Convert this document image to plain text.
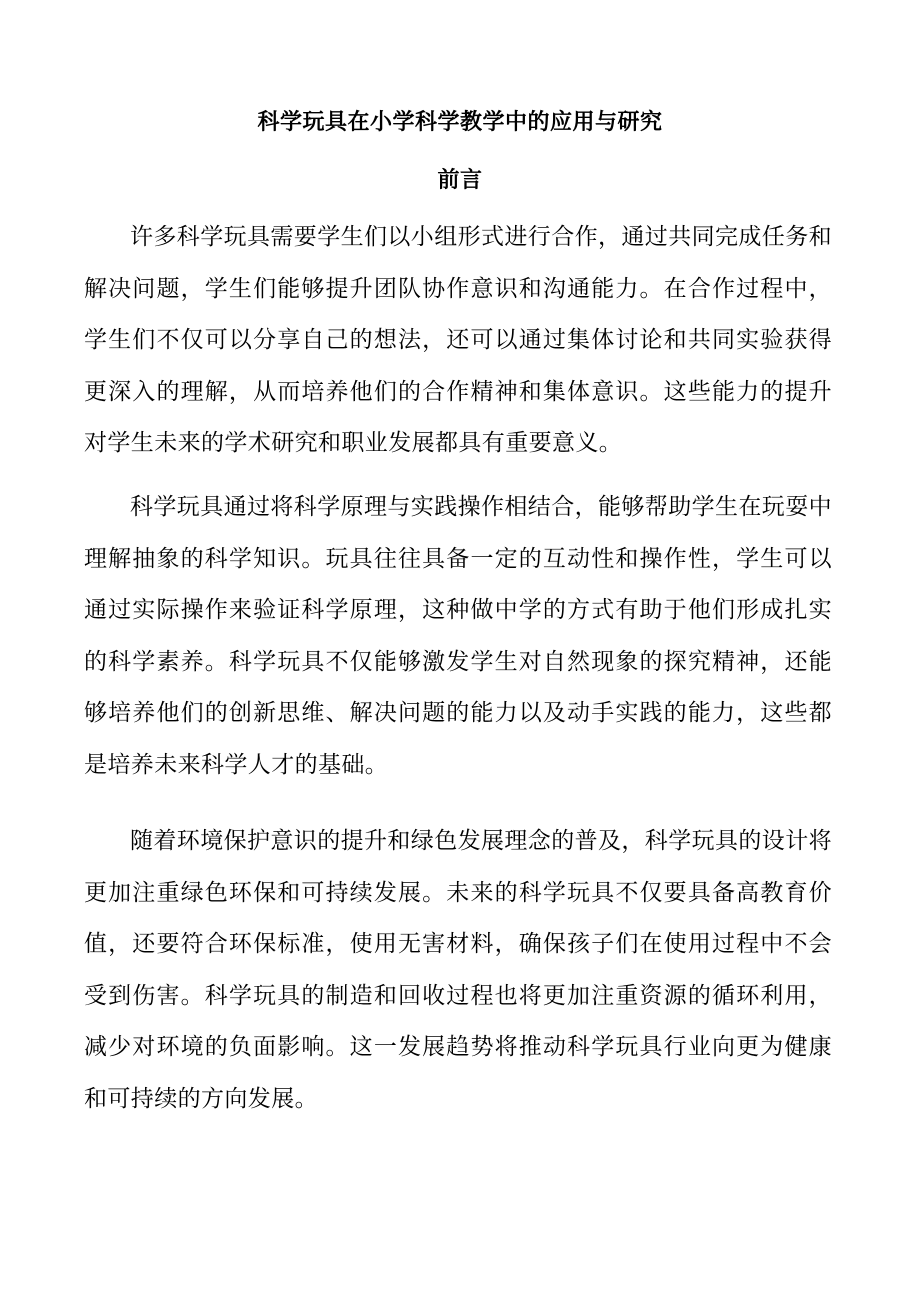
科学玩具在小学科学教学中的应用与研究
前言

许多科学玩具需要学生们以小组形式进行合作，通过共同完成任务和解决问题，学生们能够提升团队协作意识和沟通能力。在合作过程中，学生们不仅可以分享自己的想法，还可以通过集体讨论和共同实验获得更深入的理解，从而培养他们的合作精神和集体意识。这些能力的提升对学生未来的学术研究和职业发展都具有重要意义。

科学玩具通过将科学原理与实践操作相结合，能够帮助学生在玩耍中理解抽象的科学知识。玩具往往具备一定的互动性和操作性，学生可以通过实际操作来验证科学原理，这种做中学的方式有助于他们形成扎实的科学素养。科学玩具不仅能够激发学生对自然现象的探究精神，还能够培养他们的创新思维、解决问题的能力以及动手实践的能力，这些都是培养未来科学人才的基础。

随着环境保护意识的提升和绿色发展理念的普及，科学玩具的设计将更加注重绿色环保和可持续发展。未来的科学玩具不仅要具备高教育价值，还要符合环保标准，使用无害材料，确保孩子们在使用过程中不会受到伤害。科学玩具的制造和回收过程也将更加注重资源的循环利用，减少对环境的负面影响。这一发展趋势将推动科学玩具行业向更为健康和可持续的方向发展。
